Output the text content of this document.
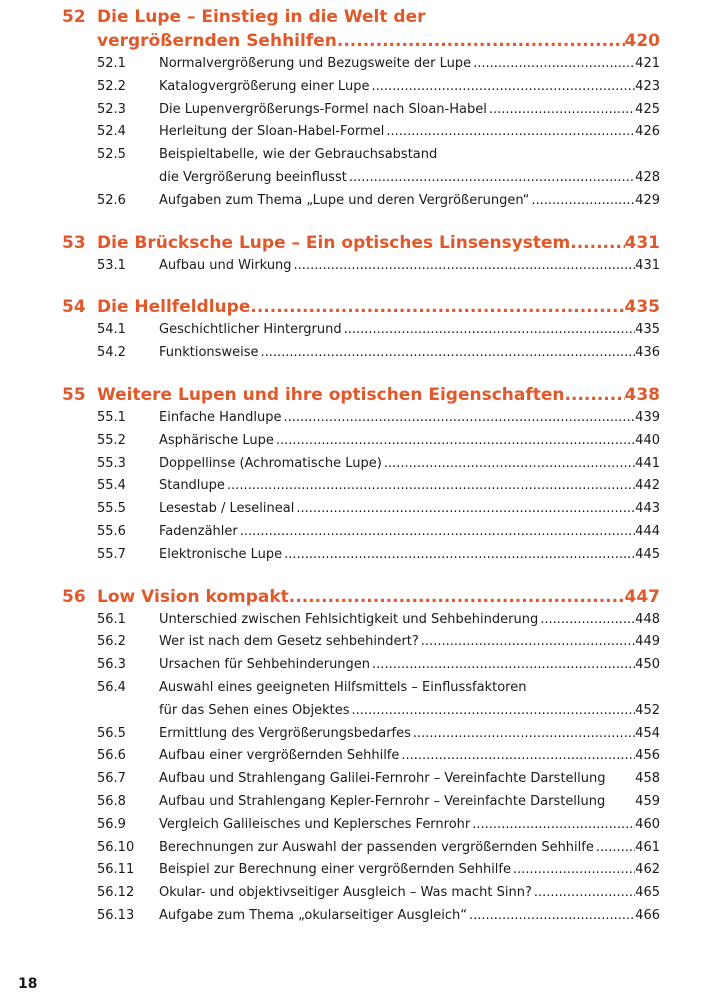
52 Die Lupe – Einstieg in die Welt der
vergrößernden Sehhilfen .....	420
52.1	Normalvergrößerung und Bezugsweite der Lupe .....	421
52.2	Katalogvergrößerung einer Lupe .....	423
52.3	Die Lupenvergrößerungs-Formel nach Sloan-Habel .....	425
52.4	Herleitung der Sloan-Habel-Formel .....	426
52.5	Beispieltabelle, wie der Gebrauchsabstand
die Vergrößerung beeinflusst .....	428
52.6	Aufgaben zum Thema „Lupe und deren Vergrößerungen“ .....	429
53 Die Brücksche Lupe – Ein optisches Linsensystem .....	431
53.1	Aufbau und Wirkung .....	431
54 Die Hellfeldlupe .....	435
54.1	Geschichtlicher Hintergrund .....	435
54.2	Funktionsweise .....	436
55 Weitere Lupen und ihre optischen Eigenschaften .....	438
55.1	Einfache Handlupe .....	439
55.2	Asphärische Lupe .....	440
55.3	Doppellinse (Achromatische Lupe) .....	441
55.4	Standlupe .....	442
55.5	Lesestab / Leselineal .....	443
55.6	Fadenzähler .....	444
55.7	Elektronische Lupe .....	445
56 Low Vision kompakt .....	447
56.1	Unterschied zwischen Fehlsichtigkeit und Sehbehinderung .....	448
56.2	Wer ist nach dem Gesetz sehbehindert? .....	449
56.3	Ursachen für Sehbehinderungen .....	450
56.4	Auswahl eines geeigneten Hilfsmittels – Einflussfaktoren
für das Sehen eines Objektes .....	452
56.5	Ermittlung des Vergrößerungsbedarfes .....	454
56.6	Aufbau einer vergrößernden Sehhilfe .....	456
56.7	Aufbau und Strahlengang Galilei-Fernrohr – Vereinfachte Darstellung 458
56.8	Aufbau und Strahlengang Kepler-Fernrohr – Vereinfachte Darstellung 459
56.9	Vergleich Galileisches und Keplersches Fernrohr .....	460
56.10	Berechnungen zur Auswahl der passenden vergrößernden Sehhilfe .....	461
56.11	Beispiel zur Berechnung einer vergrößernden Sehhilfe .....	462
56.12	Okular- und objektivseitiger Ausgleich – Was macht Sinn? .....	465
56.13	Aufgabe zum Thema „okularseitiger Ausgleich“ .....	466
18
